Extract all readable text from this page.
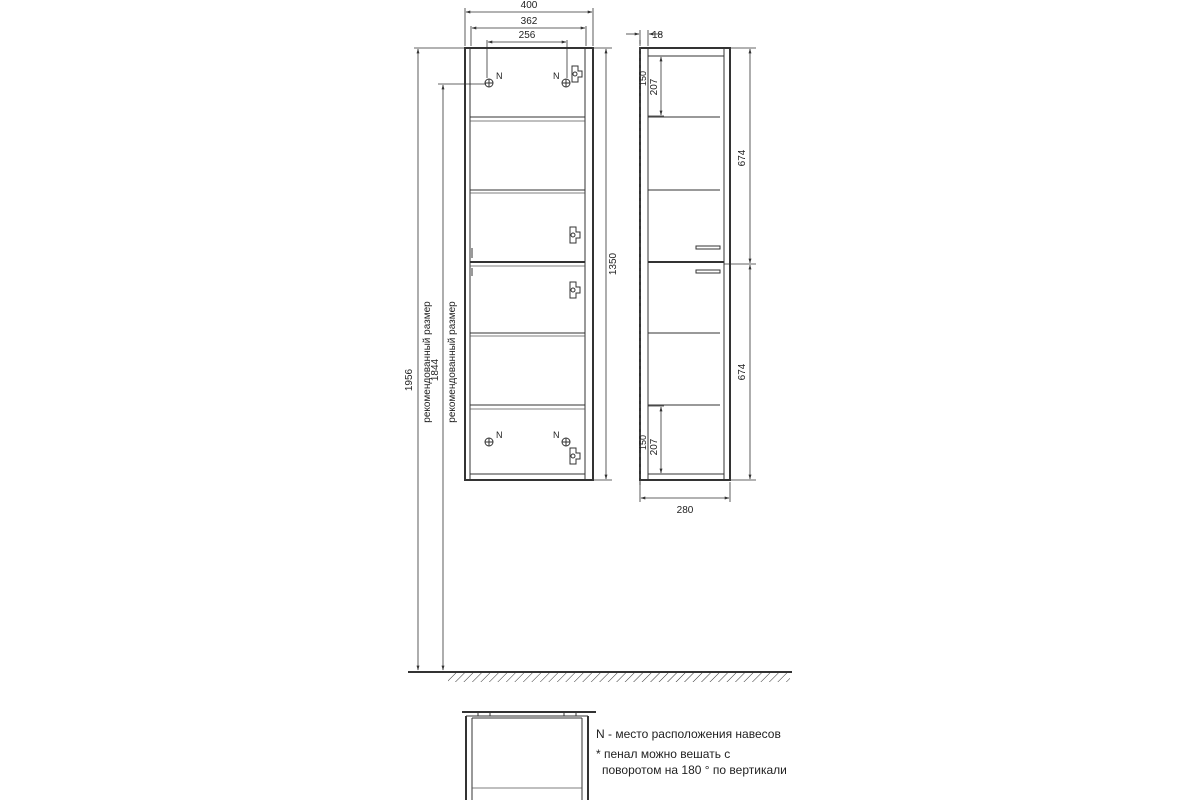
N	N
N	N
400
362
256
1350
1956 рекомендованный размер
1844 рекомендованный размер
150
150
18
207
207
674
674
280
N - место расположения навесов
* пенал можно вешать с
поворотом на 180 ° по вертикали
